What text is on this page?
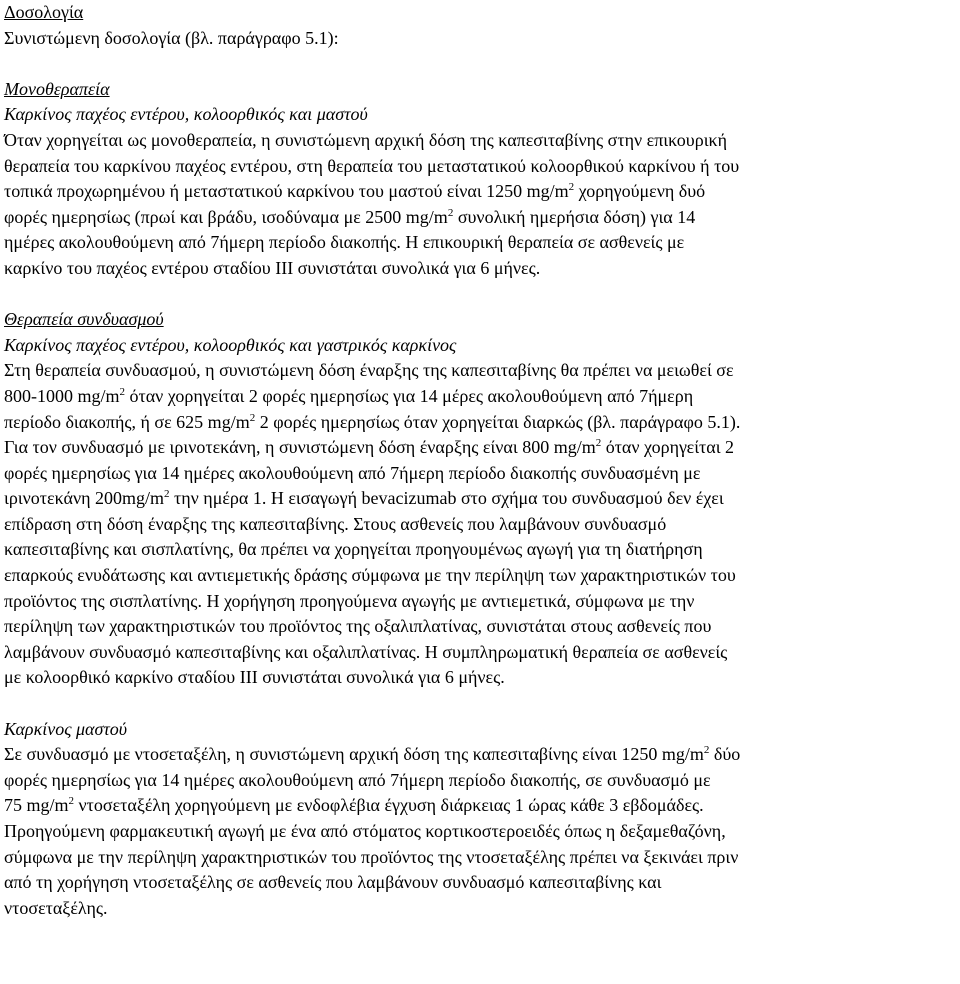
Δοσολογία
Συνιστώμενη δοσολογία (βλ. παράγραφο 5.1):
Μονοθεραπεία
Καρκίνος παχέος εντέρου, κολοορθικός και μαστού
Όταν χορηγείται ως μονοθεραπεία, η συνιστώμενη αρχική δόση της καπεσιταβίνης στην επικουρική
θεραπεία του καρκίνου παχέος εντέρου, στη θεραπεία του μεταστατικού κολοορθικού καρκίνου ή του
τοπικά προχωρημένου ή μεταστατικού καρκίνου του μαστού είναι 1250 $mg/m^2$ χορηγούμενη δυό
φορές ημερησίως (πρωί και βράδυ, ισοδύναμα με 2500 $mg/m^2$ συνολική ημερήσια δόση) για 14
ημέρες ακολουθούμενη από 7ήμερη περίοδο διακοπής. Η επικουρική θεραπεία σε ασθενείς με
καρκίνο του παχέος εντέρου σταδίου ΙΙΙ συνιστάται συνολικά για 6 μήνες.
Θεραπεία συνδυασμού
Καρκίνος παχέος εντέρου, κολοορθικός και γαστρικός καρκίνος
Στη θεραπεία συνδυασμού, η συνιστώμενη δόση έναρξης της καπεσιταβίνης θα πρέπει να μειωθεί σε
800-1000 $mg/m^2$ όταν χορηγείται 2 φορές ημερησίως για 14 μέρες ακολουθούμενη από 7ήμερη
περίοδο διακοπής, ή σε 625 $mg/m^2$ 2 φορές ημερησίως όταν χορηγείται διαρκώς (βλ. παράγραφο 5.1).
Για τον συνδυασμό με ιρινοτεκάνη, η συνιστώμενη δόση έναρξης είναι 800 $mg/m^2$ όταν χορηγείται 2
φορές ημερησίως για 14 ημέρες ακολουθούμενη από 7ήμερη περίοδο διακοπής συνδυασμένη με
ιρινοτεκάνη $200mg/m^2$ την ημέρα 1. Η εισαγωγή bevacizumab στο σχήμα του συνδυασμού δεν έχει
επίδραση στη δόση έναρξης της καπεσιταβίνης. Στους ασθενείς που λαμβάνουν συνδυασμό
καπεσιταβίνης και σισπλατίνης, θα πρέπει να χορηγείται προηγουμένως αγωγή για τη διατήρηση
επαρκούς ενυδάτωσης και αντιεμετικής δράσης σύμφωνα με την περίληψη των χαρακτηριστικών του
προϊόντος της σισπλατίνης. Η χορήγηση προηγούμενα αγωγής με αντιεμετικά, σύμφωνα με την
περίληψη των χαρακτηριστικών του προϊόντος της οξαλιπλατίνας, συνιστάται στους ασθενείς που
λαμβάνουν συνδυασμό καπεσιταβίνης και οξαλιπλατίνας. Η συμπληρωματική θεραπεία σε ασθενείς
με κολοορθικό καρκίνο σταδίου ΙΙΙ συνιστάται συνολικά για 6 μήνες.
Καρκίνος μαστού
Σε συνδυασμό με ντοσεταξέλη, η συνιστώμενη αρχική δόση της καπεσιταβίνης είναι 1250 $mg/m^2$ δύο
φορές ημερησίως για 14 ημέρες ακολουθούμενη από 7ήμερη περίοδο διακοπής, σε συνδυασμό με
75 $mg/m^2$ ντοσεταξέλη χορηγούμενη με ενδοφλέβια έγχυση διάρκειας 1 ώρας κάθε 3 εβδομάδες.
Προηγούμενη φαρμακευτική αγωγή με ένα από στόματος κορτικοστεροειδές όπως η δεξαμεθαζόνη,
σύμφωνα με την περίληψη χαρακτηριστικών του προϊόντος της ντοσεταξέλης πρέπει να ξεκινάει πριν
από τη χορήγηση ντοσεταξέλης σε ασθενείς που λαμβάνουν συνδυασμό καπεσιταβίνης και
ντοσεταξέλης.
